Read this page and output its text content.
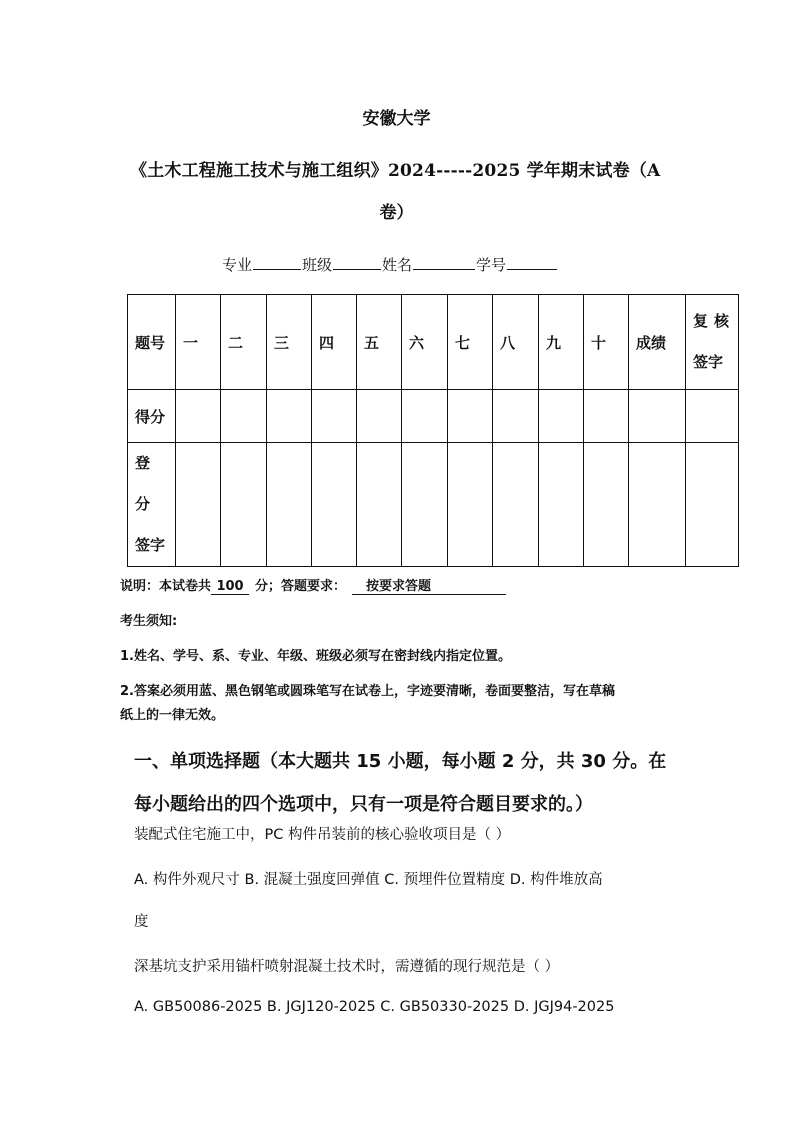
安徽大学
《土木工程施工技术与施工组织》2024-----2025 学年期末试卷（A
卷）
专业	班级	姓名	学号
题号	一	二	三	四	五	六	七	八	九	十	成绩	复核
签字

得分												

登分
签字												

说明：本试卷共 100 分；答题要求： 按要求答题
考生须知:
1.姓名、学号、系、专业、年级、班级必须写在密封线内指定位置。
2.答案必须用蓝、黑色钢笔或圆珠笔写在试卷上，字迹要清晰，卷面要整洁，写在草稿
纸上的一律无效。
一、单项选择题（本大题共 15 小题，每小题 2 分，共 30 分。在
每小题给出的四个选项中，只有一项是符合题目要求的。）
装配式住宅施工中，PC 构件吊装前的核心验收项目是（ ）
A. 构件外观尺寸 B. 混凝土强度回弹值 C. 预埋件位置精度 D. 构件堆放高
度
深基坑支护采用锚杆喷射混凝土技术时，需遵循的现行规范是（ ）
A. GB50086-2025 B. JGJ120-2025 C. GB50330-2025 D. JGJ94-2025
